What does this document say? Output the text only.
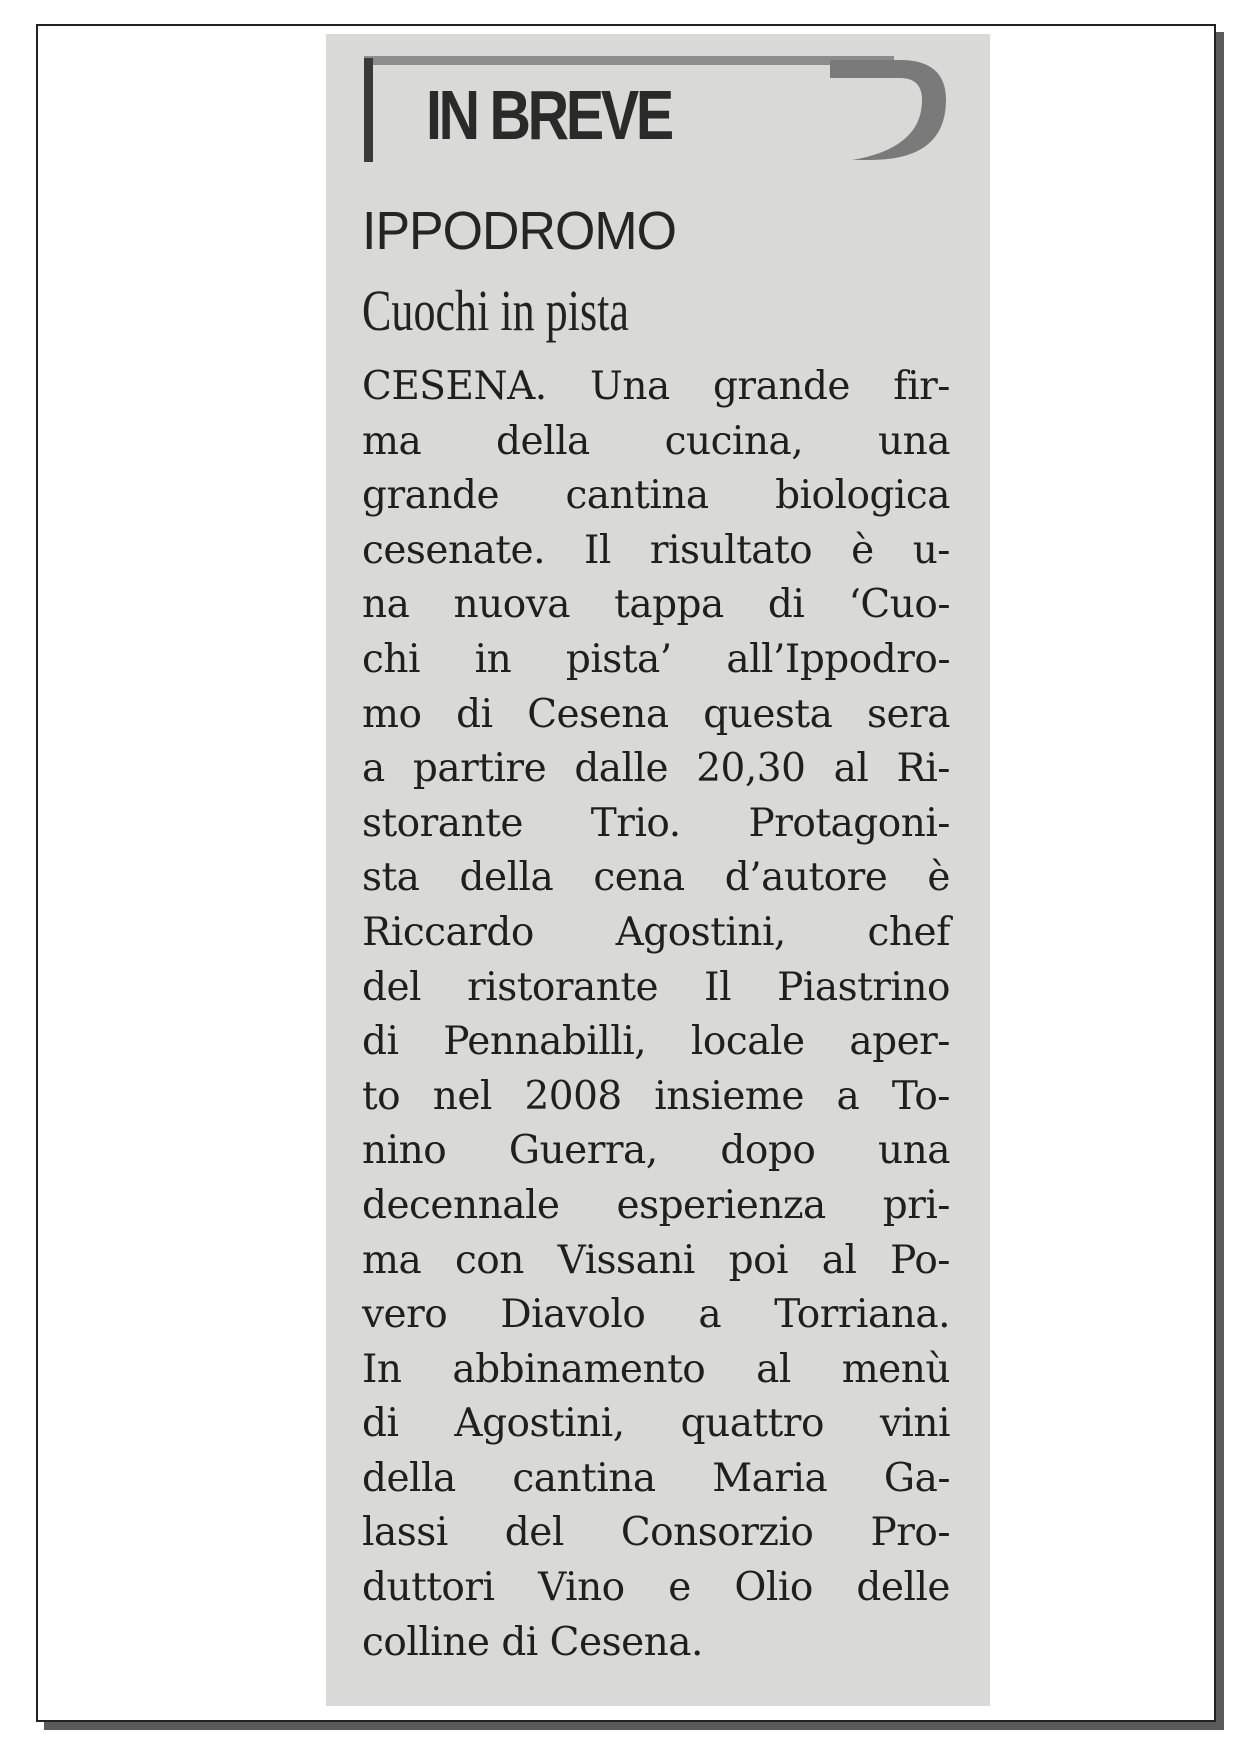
IN BREVE
IPPODROMO
Cuochi in pista
CESENA. Una grande fir-
ma della cucina, una
grande cantina biologica
cesenate. Il risultato è u-
na nuova tappa di ‘Cuo-
chi in pista’ all’Ippodro-
mo di Cesena questa sera
a partire dalle 20,30 al Ri-
storante Trio. Protagoni-
sta della cena d’autore è
Riccardo Agostini, chef
del ristorante Il Piastrino
di Pennabilli, locale aper-
to nel 2008 insieme a To-
nino Guerra, dopo una
decennale esperienza pri-
ma con Vissani poi al Po-
vero Diavolo a Torriana.
In abbinamento al menù
di Agostini, quattro vini
della cantina Maria Ga-
lassi del Consorzio Pro-
duttori Vino e Olio delle
colline di Cesena.
